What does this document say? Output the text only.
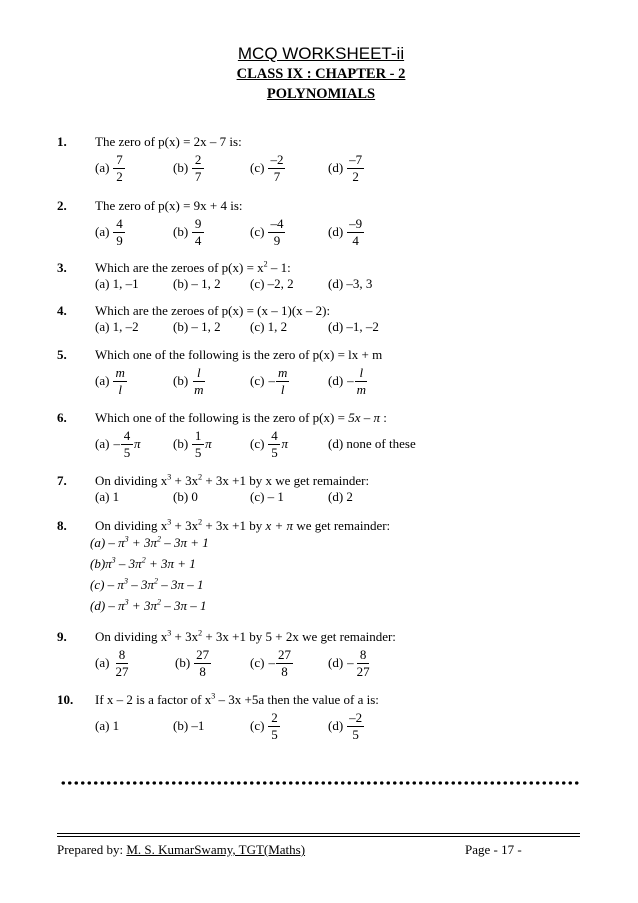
MCQ WORKSHEET-ii
CLASS IX : CHAPTER - 2
POLYNOMIALS
1. The zero of p(x) = 2x – 7 is:
$(a) \frac{7}{2}$	$(b) \frac{2}{7}$	$(c) \frac{-2}{7}$	$(d) \frac{-7}{2}$
2. The zero of p(x) = 9x + 4 is:
$(a) \frac{4}{9}$	$(b) \frac{9}{4}$	$(c) \frac{-4}{9}$	$(d) \frac{-9}{4}$
3. Which are the zeroes of $p(x) = x^2 - 1$:
(a) 1, –1	(b) – 1, 2 (c) –2, 2	(d) –3, 3
4. Which are the zeroes of p(x) = (x – 1)(x – 2):
(a) 1, –2	(b) – 1, 2 (c) 1, 2	(d) –1, –2
5. Which one of the following is the zero of p(x) = lx + m
$(a) \frac{m}{l}$	$(b) \frac{l}{m}$	$(c) - \frac{m}{l}$	$(d) - \frac{l}{m}$
6. Which one of the following is the zero of p(x) = 5x – π :
$(a) - \frac{4}{5}$ π	$(b) \frac{1}{5}$ π	$(c) \frac{4}{5}$ π	(d) none of these
7. On dividing $x^3 + 3x^2 + 3x +1$ by x we get remainder:
(a) 1	(b) 0	(c) – 1	(d) 2
8. On dividing $x^3 + 3x^2 + 3x +1$ by x + π we get remainder:
$(a) - \pi^3 + 3\pi^2 - 3\pi + 1$
$(b)\pi^3 - 3\pi^2 + 3\pi + 1$
$(c) - \pi^3 - 3\pi^2 - 3\pi - 1$
$(d) - \pi^3 + 3\pi^2 - 3\pi - 1$
9. On dividing $x^3 + 3x^2 + 3x +1$ by 5 + 2x we get remainder:
$(a) \frac{8}{27}$	$(b) \frac{27}{8}$	$(c) - \frac{27}{8}$	$(d) - \frac{8}{27}$
10. If x – 2 is a factor of $x^3 - 3x +5a$ then the value of a is:
(a) 1	(b) –1	$(c) \frac{2}{5}$	$(d) \frac{-2}{5}$
Prepared by: M. S. KumarSwamy, TGT(Maths)	Page - 17 -
